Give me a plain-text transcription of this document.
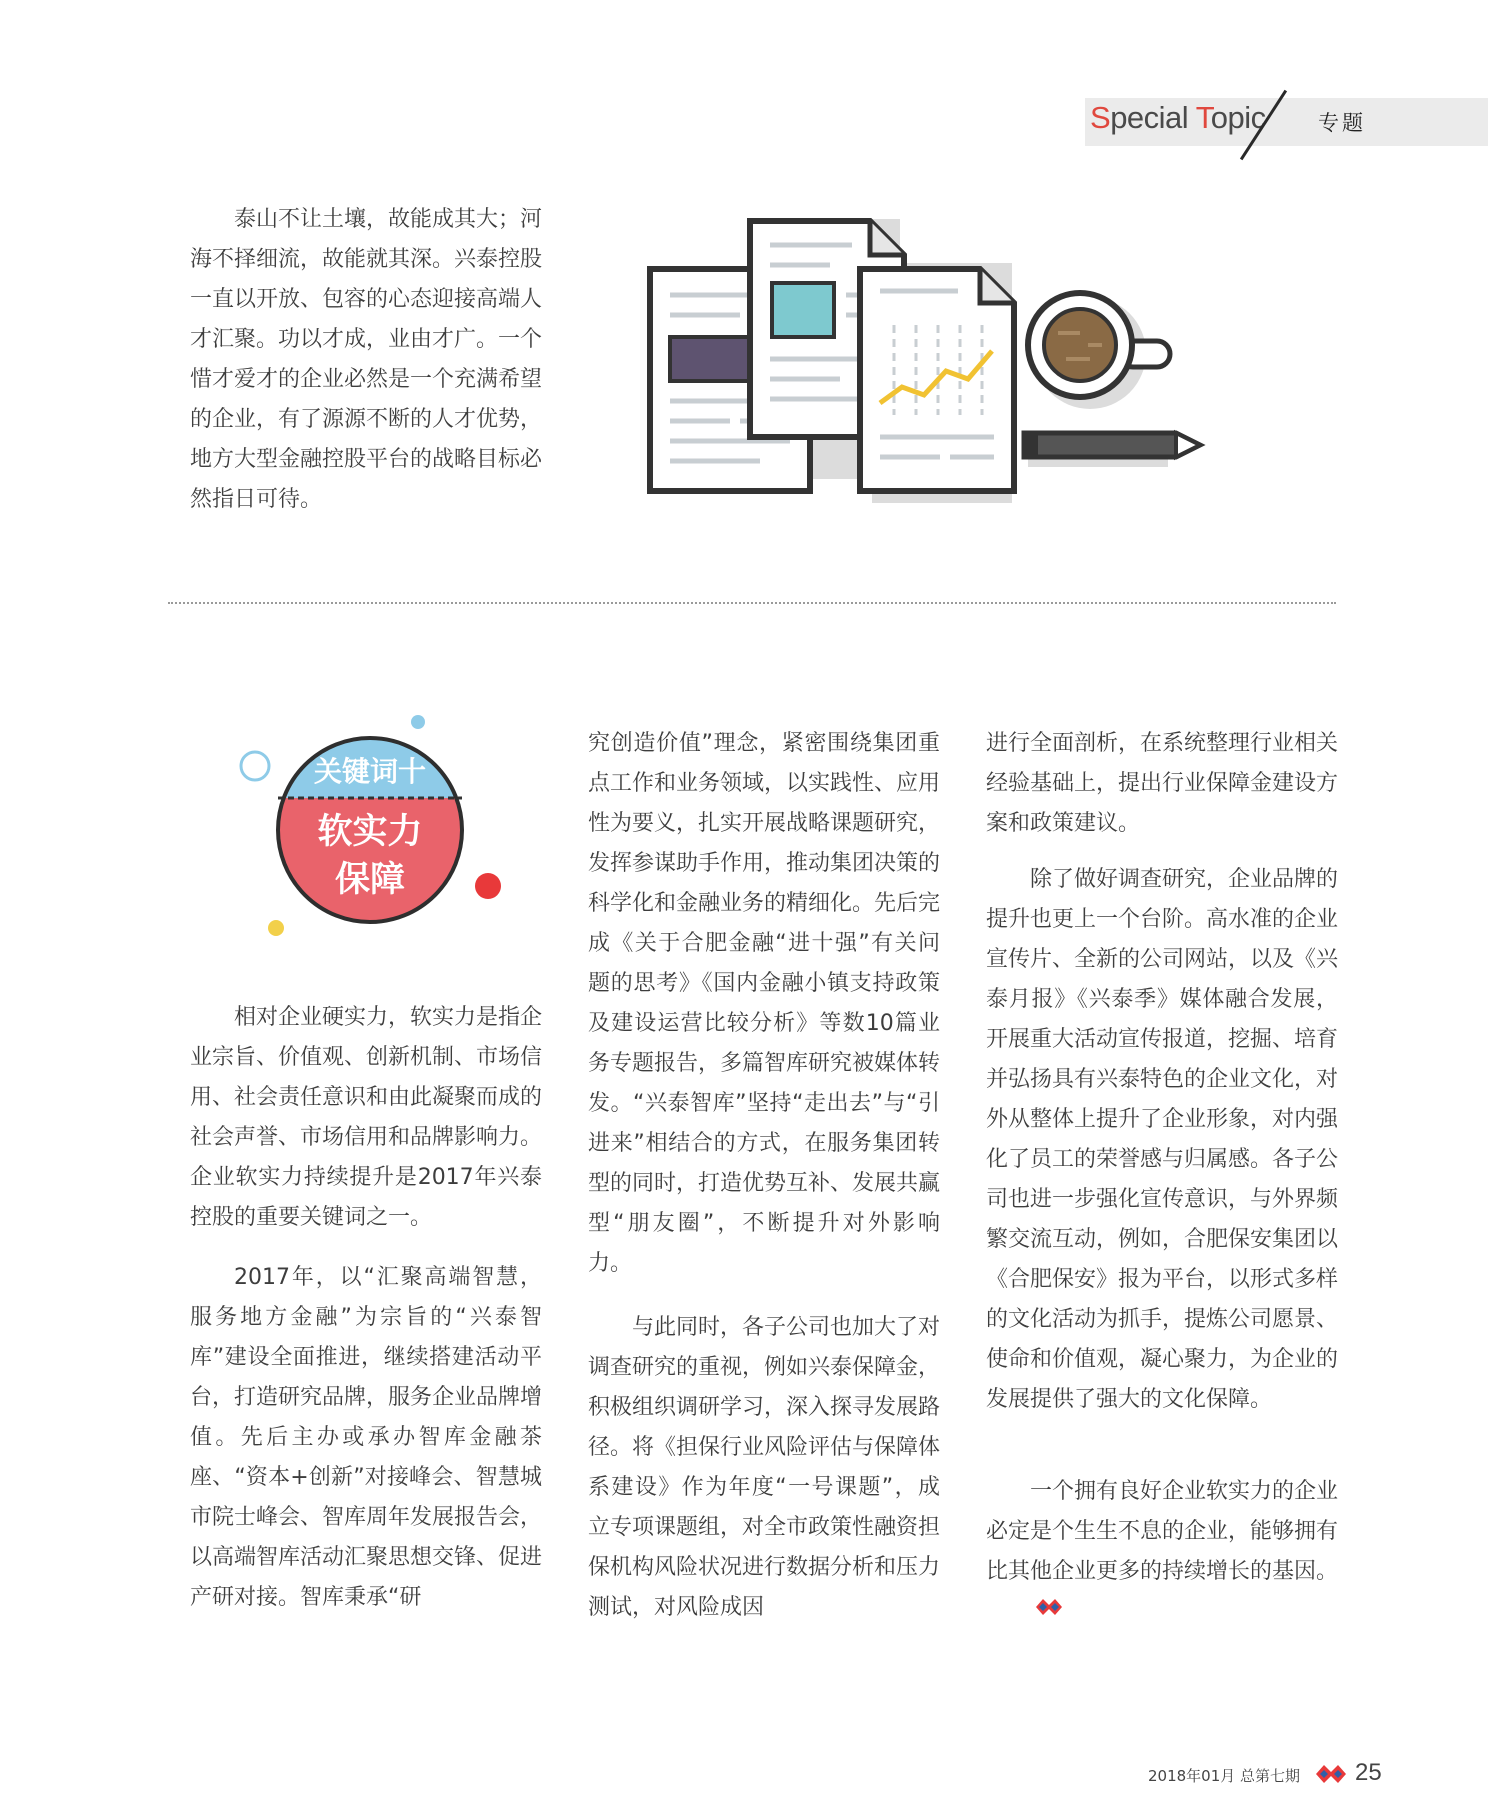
Special Topic 专题

泰山不让土壤，故能成其大；河海不择细流，故能就其深。兴泰控股一直以开放、包容的心态迎接高端人才汇聚。功以才成，业由才广。一个惜才爱才的企业必然是一个充满希望的企业，有了源源不断的人才优势，地方大型金融控股平台的战略目标必然指日可待。

关键词十
软实力
保障

相对企业硬实力，软实力是指企业宗旨、价值观、创新机制、市场信用、社会责任意识和由此凝聚而成的社会声誉、市场信用和品牌影响力。企业软实力持续提升是2017年兴泰控股的重要关键词之一。

2017年，以“汇聚高端智慧，服务地方金融”为宗旨的“兴泰智库”建设全面推进，继续搭建活动平台，打造研究品牌，服务企业品牌增值。先后主办或承办智库金融茶座、“资本+创新”对接峰会、智慧城市院士峰会、智库周年发展报告会，以高端智库活动汇聚思想交锋、促进产研对接。智库秉承“研

究创造价值”理念，紧密围绕集团重点工作和业务领域，以实践性、应用性为要义，扎实开展战略课题研究，发挥参谋助手作用，推动集团决策的科学化和金融业务的精细化。先后完成《关于合肥金融“进十强”有关问题的思考》《国内金融小镇支持政策及建设运营比较分析》等数10篇业务专题报告，多篇智库研究被媒体转发。“兴泰智库”坚持“走出去”与“引进来”相结合的方式，在服务集团转型的同时，打造优势互补、发展共赢型“朋友圈”，不断提升对外影响力。

与此同时，各子公司也加大了对调查研究的重视，例如兴泰保障金，积极组织调研学习，深入探寻发展路径。将《担保行业风险评估与保障体系建设》作为年度“一号课题”，成立专项课题组，对全市政策性融资担保机构风险状况进行数据分析和压力测试，对风险成因

进行全面剖析，在系统整理行业相关经验基础上，提出行业保障金建设方案和政策建议。

除了做好调查研究，企业品牌的提升也更上一个台阶。高水准的企业宣传片、全新的公司网站，以及《兴泰月报》《兴泰季》媒体融合发展，开展重大活动宣传报道，挖掘、培育并弘扬具有兴泰特色的企业文化，对外从整体上提升了企业形象，对内强化了员工的荣誉感与归属感。各子公司也进一步强化宣传意识，与外界频繁交流互动，例如，合肥保安集团以《合肥保安》报为平台，以形式多样的文化活动为抓手，提炼公司愿景、使命和价值观，凝心聚力，为企业的发展提供了强大的文化保障。

一个拥有良好企业软实力的企业必定是个生生不息的企业，能够拥有比其他企业更多的持续增长的基因。

2018年01月 总第七期 25
